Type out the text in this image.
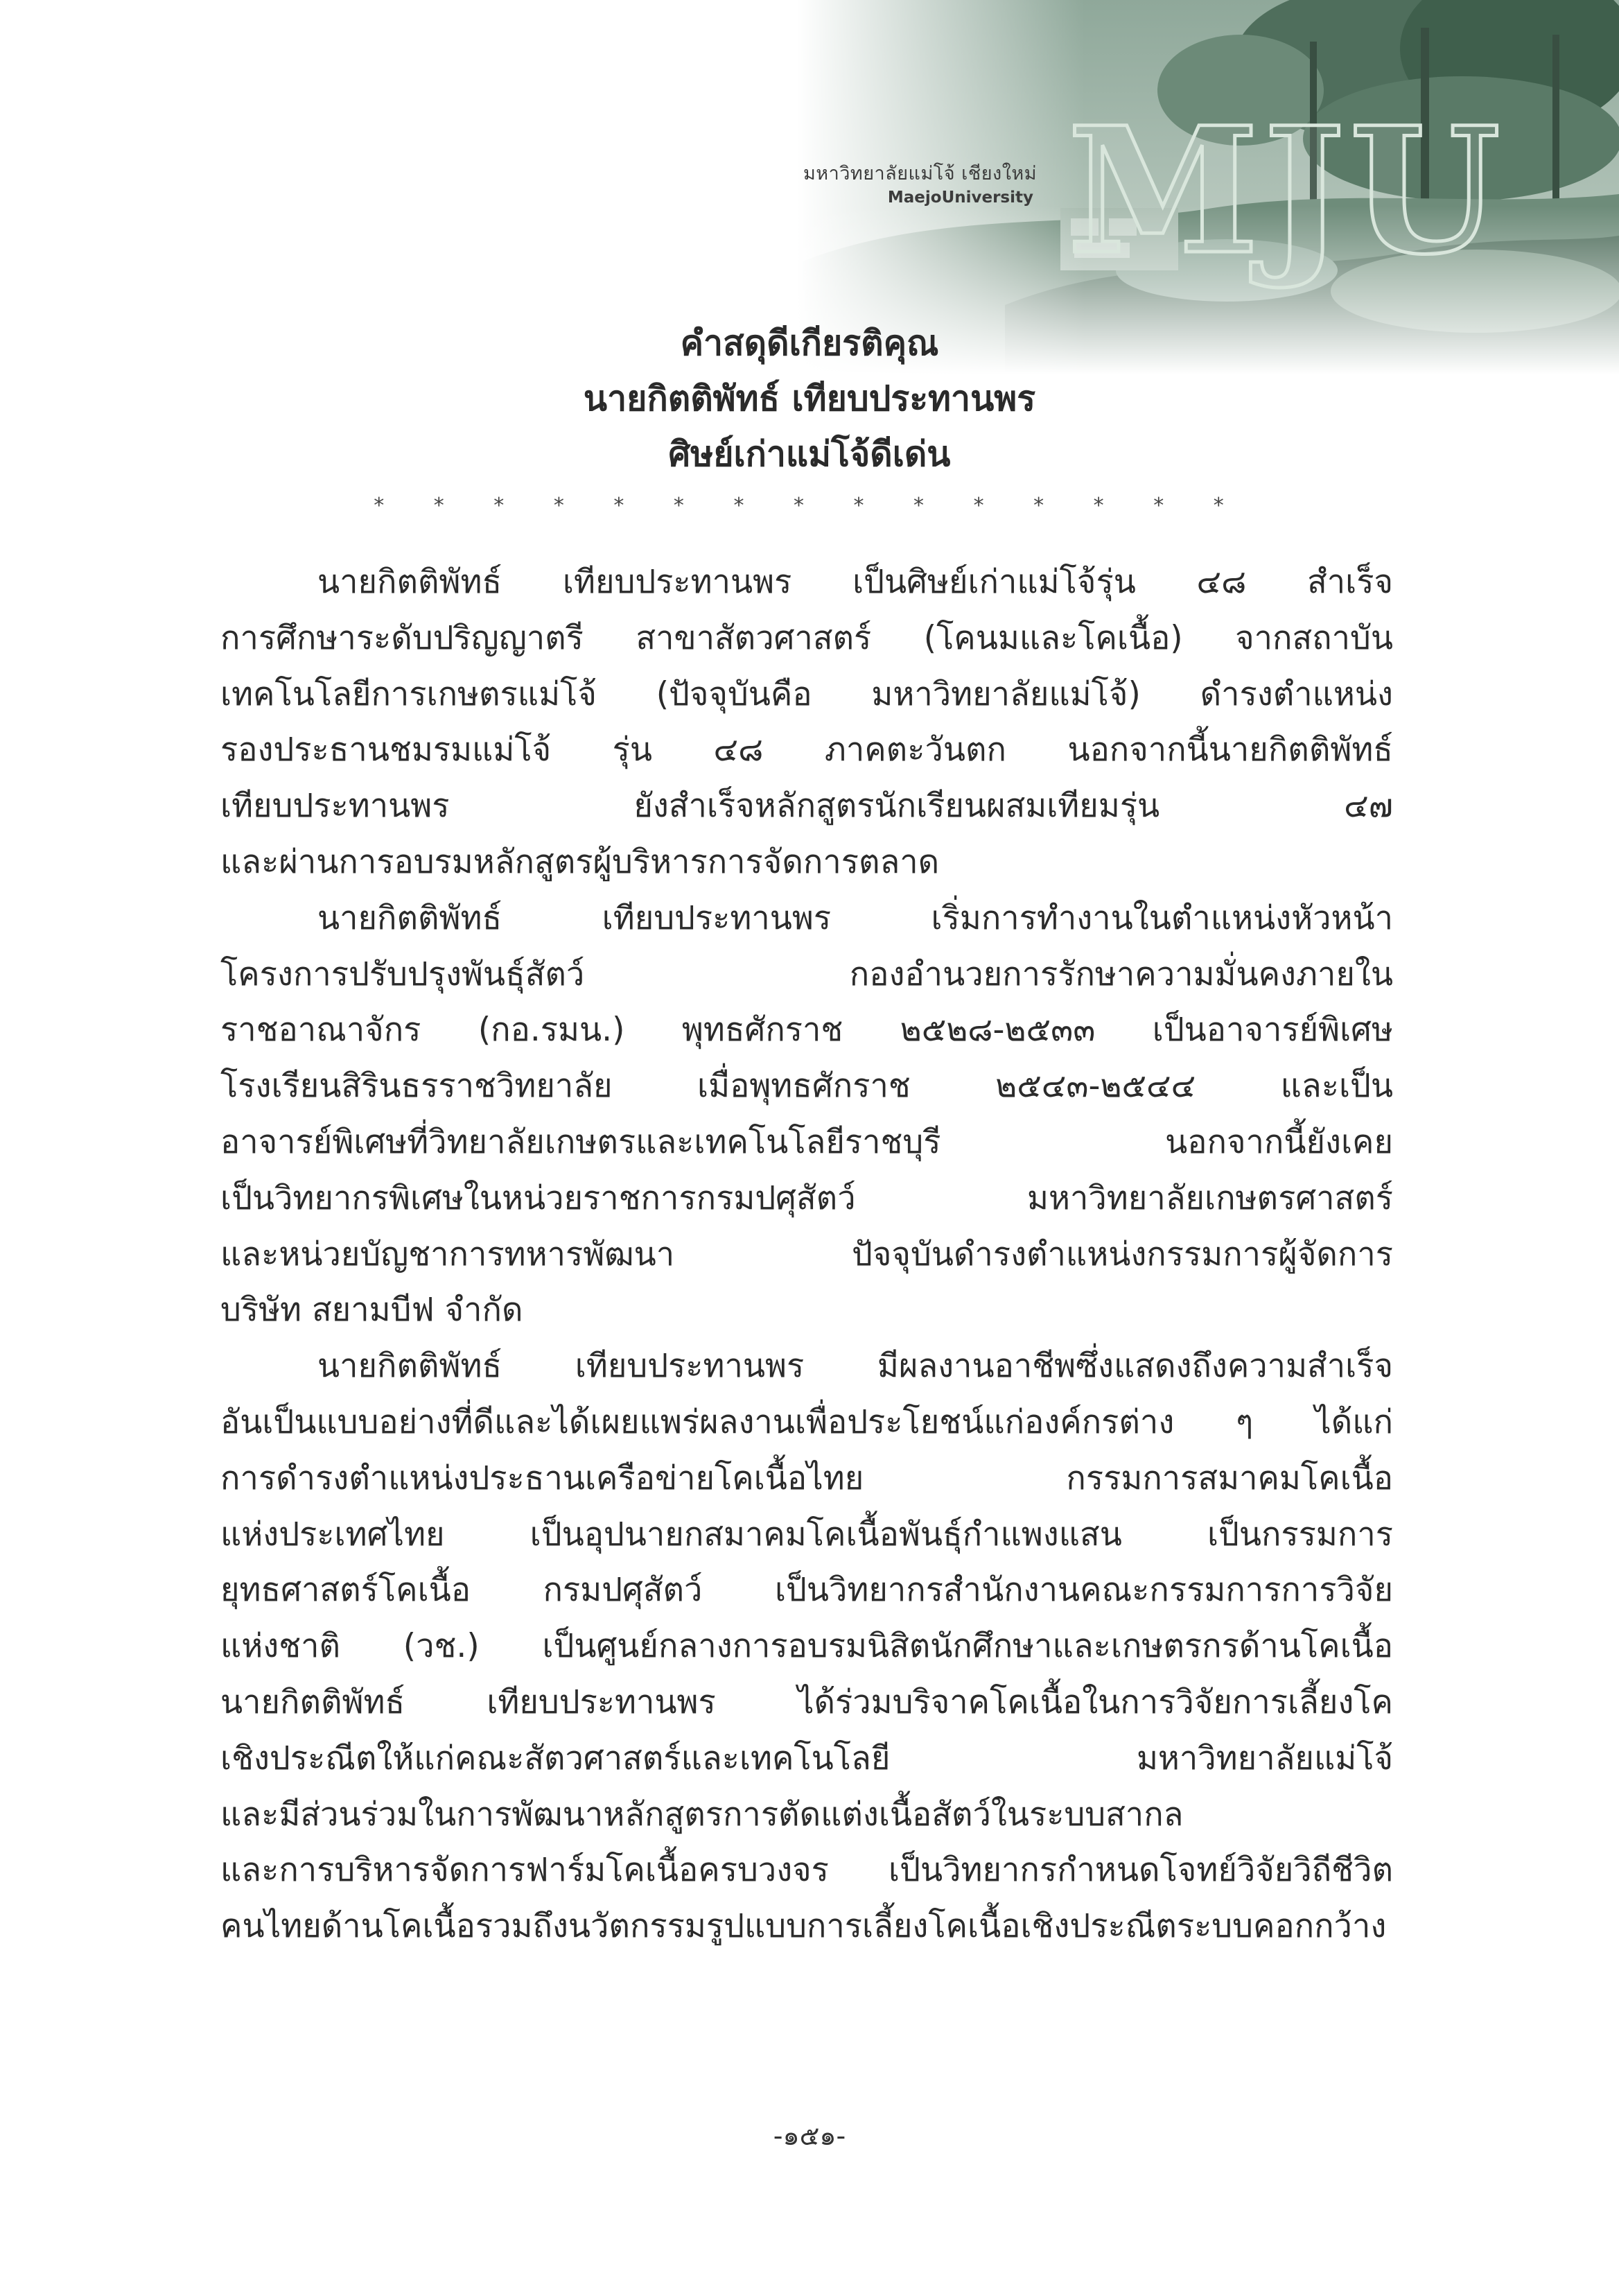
MJU
มหาวิทยาลัยแม่โจ้ เชียงใหม่
MaejoUniversity

คำสดุดีเกียรติคุณ

นายกิตติพัทธ์ เทียบประทานพร

ศิษย์เก่าแม่โจ้ดีเด่น

* * * * * * * * * * * * * * *
นายกิตติพัทธ์ เทียบประทานพร เป็นศิษย์เก่าแม่โจ้รุ่น ๔๘ สำเร็จ
การศึกษาระดับปริญญาตรี สาขาสัตวศาสตร์ (โคนมและโคเนื้อ) จากสถาบัน
เทคโนโลยีการเกษตรแม่โจ้ (ปัจจุบันคือ มหาวิทยาลัยแม่โจ้) ดำรงตำแหน่ง
รองประธานชมรมแม่โจ้ รุ่น ๔๘ ภาคตะวันตก นอกจากนี้นายกิตติพัทธ์
เทียบประทานพร ยังสำเร็จหลักสูตรนักเรียนผสมเทียมรุ่น ๔๗
และผ่านการอบรมหลักสูตรผู้บริหารการจัดการตลาด
นายกิตติพัทธ์ เทียบประทานพร เริ่มการทำงานในตำแหน่งหัวหน้า
โครงการปรับปรุงพันธุ์สัตว์ กองอำนวยการรักษาความมั่นคงภายใน
ราชอาณาจักร (กอ.รมน.) พุทธศักราช ๒๕๒๘-๒๕๓๓ เป็นอาจารย์พิเศษ
โรงเรียนสิรินธรราชวิทยาลัย เมื่อพุทธศักราช ๒๕๔๓-๒๕๔๔ และเป็น
อาจารย์พิเศษที่วิทยาลัยเกษตรและเทคโนโลยีราชบุรี นอกจากนี้ยังเคย
เป็นวิทยากรพิเศษในหน่วยราชการกรมปศุสัตว์ มหาวิทยาลัยเกษตรศาสตร์
และหน่วยบัญชาการทหารพัฒนา ปัจจุบันดำรงตำแหน่งกรรมการผู้จัดการ
บริษัท สยามบีฟ จำกัด
นายกิตติพัทธ์ เทียบประทานพร มีผลงานอาชีพซึ่งแสดงถึงความสำเร็จ
อันเป็นแบบอย่างที่ดีและได้เผยแพร่ผลงานเพื่อประโยชน์แก่องค์กรต่าง ๆ ได้แก่
การดำรงตำแหน่งประธานเครือข่ายโคเนื้อไทย กรรมการสมาคมโคเนื้อ
แห่งประเทศไทย เป็นอุปนายกสมาคมโคเนื้อพันธุ์กำแพงแสน เป็นกรรมการ
ยุทธศาสตร์โคเนื้อ กรมปศุสัตว์ เป็นวิทยากรสำนักงานคณะกรรมการการวิจัย
แห่งชาติ (วช.) เป็นศูนย์กลางการอบรมนิสิตนักศึกษาและเกษตรกรด้านโคเนื้อ
นายกิตติพัทธ์ เทียบประทานพร ได้ร่วมบริจาคโคเนื้อในการวิจัยการเลี้ยงโค
เชิงประณีตให้แก่คณะสัตวศาสตร์และเทคโนโลยี มหาวิทยาลัยแม่โจ้
และมีส่วนร่วมในการพัฒนาหลักสูตรการตัดแต่งเนื้อสัตว์ในระบบสากล
และการบริหารจัดการฟาร์มโคเนื้อครบวงจร เป็นวิทยากรกำหนดโจทย์วิจัยวิถีชีวิต
คนไทยด้านโคเนื้อรวมถึงนวัตกรรมรูปแบบการเลี้ยงโคเนื้อเชิงประณีตระบบคอกกว้าง
-๑๕๑-
